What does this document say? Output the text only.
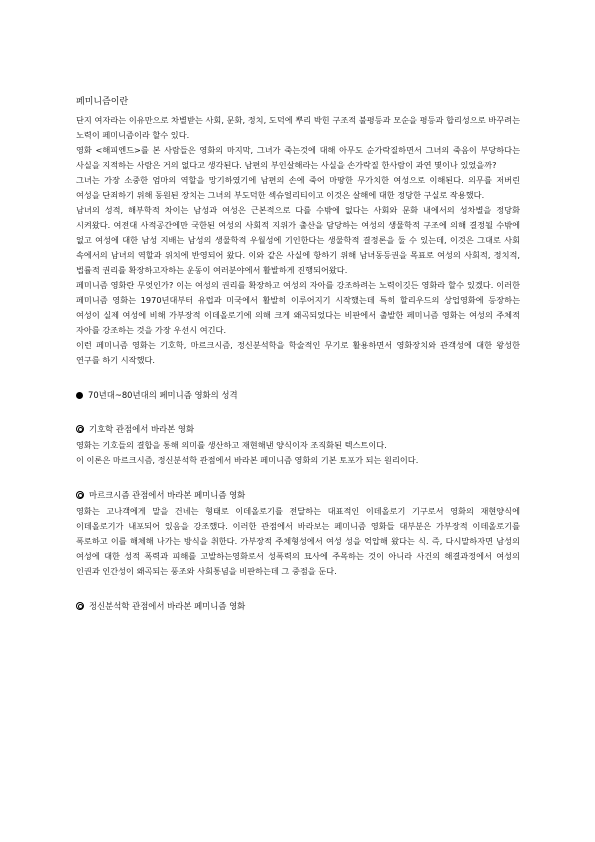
페미니즘이란

단지 여자라는 이유만으로 차별받는 사회, 문화, 정치, 도덕에 뿌리 박힌 구조적 불평등과 모순을 평등과 합리성으로 바꾸려는 노력이 페미니즘이라 할수 있다.

영화 <해피엔드>를 본 사람들은 영화의 마지막, 그녀가 죽는것에 대해 아무도 순가락질하면서 그녀의 죽음이 부당하다는 사실을 지적하는 사람은 거의 없다고 생각된다. 남편의 부인살해라는 사실을 손가락질 한사람이 과연 몇이나 있었을까?

그녀는 가장 소중한 엄마의 역할을 망기하였기에 남편의 손에 죽어 마땅한 무가치한 여성으로 이해된다. 의무를 저버린 여성을 단죄하기 위해 동원된 장치는 그녀의 부도덕한 섹슈얼리티이고 이것은 살해에 대한 정당한 구실로 작용했다.

남녀의 성적, 해부학적 차이는 남성과 여성은 근본적으로 다를 수밖에 없다는 사회와 문화 내에서의 성차별을 정당화 시켜왔다. 여전대 사적공간에만 국한된 여성의 사회적 지위가 출산을 담당하는 여성의 생물학적 구조에 의해 결정될 수밖에 없고 여성에 대한 남성 지배는 남성의 생물학적 우월성에 기인한다는 생물학적 결정론을 둘 수 있는데, 이것은 그대로 사회 속에서의 남녀의 역할과 위치에 반영되어 왔다. 이와 같은 사실에 항하기 위해 남녀동등권을 목표로 여성의 사회적, 정치적, 법률적 권리를 확장하고자하는 운동이 여러분야에서 활발하게 진행되어왔다.

페미니즘 영화란 무엇인가? 이는 여성의 권리를 확장하고 여성의 자아를 강조하려는 노력이깃든 영화라 할수 있겠다. 이러한 페미니즘 영화는 1970년대부터 유럽과 미국에서 활발히 이루어지기 시작했는데 특히 할리우드의 상업영화에 등장하는 여성이 실제 여성에 비해 가부장적 이데올로기에 의해 크게 왜곡되었다는 비판에서 출발한 페미니즘 영화는 여성의 주체적 자아를 강조하는 것을 가장 우선시 여긴다.

이런 페미니즘 영화는 기호학, 마르크시즘, 정신분석학을 학술적인 무기로 활용하면서 영화장치와 관객성에 대한 왕성한 연구를 하기 시작했다.

70년대~80년대의 페미니즘 영화의 성격
기호학 관점에서 바라본 영화

영화는 기호들의 결합을 통해 의미를 생산하고 재현해낸 양식이자 조직화된 텍스트이다.

이 이론은 마르크시즘, 정신분석학 관점에서 바라본 페미니즘 영화의 기본 토포가 되는 원리이다.

마르크시즘 관점에서 바라본 페미니즘 영화

영화는 고나객에게 말을 건네는 형태로 이데올로기를 전달하는 대표적인 이데올로기 기구로서 영화의 재현양식에 이데올로기가 내포되어 있음을 강조했다. 이러한 관점에서 바라보는 페미니즘 영화들 대부분은 가부장적 이데올로기를 폭로하고 이를 해체해 나가는 방식을 취한다. 가부장적 주체형성에서 여성 성을 억압해 왔다는 식. 즉, 다시말하자면 남성의 여성에 대한 성적 폭력과 피해를 고발하는영화로서 성폭력의 묘사에 주목하는 것이 아니라 사건의 해결과정에서 여성의 인권과 인간성이 왜곡되는 풍조와 사회통념을 비판하는데 그 중점을 둔다.

정신분석학 관점에서 바라본 페미니즘 영화
